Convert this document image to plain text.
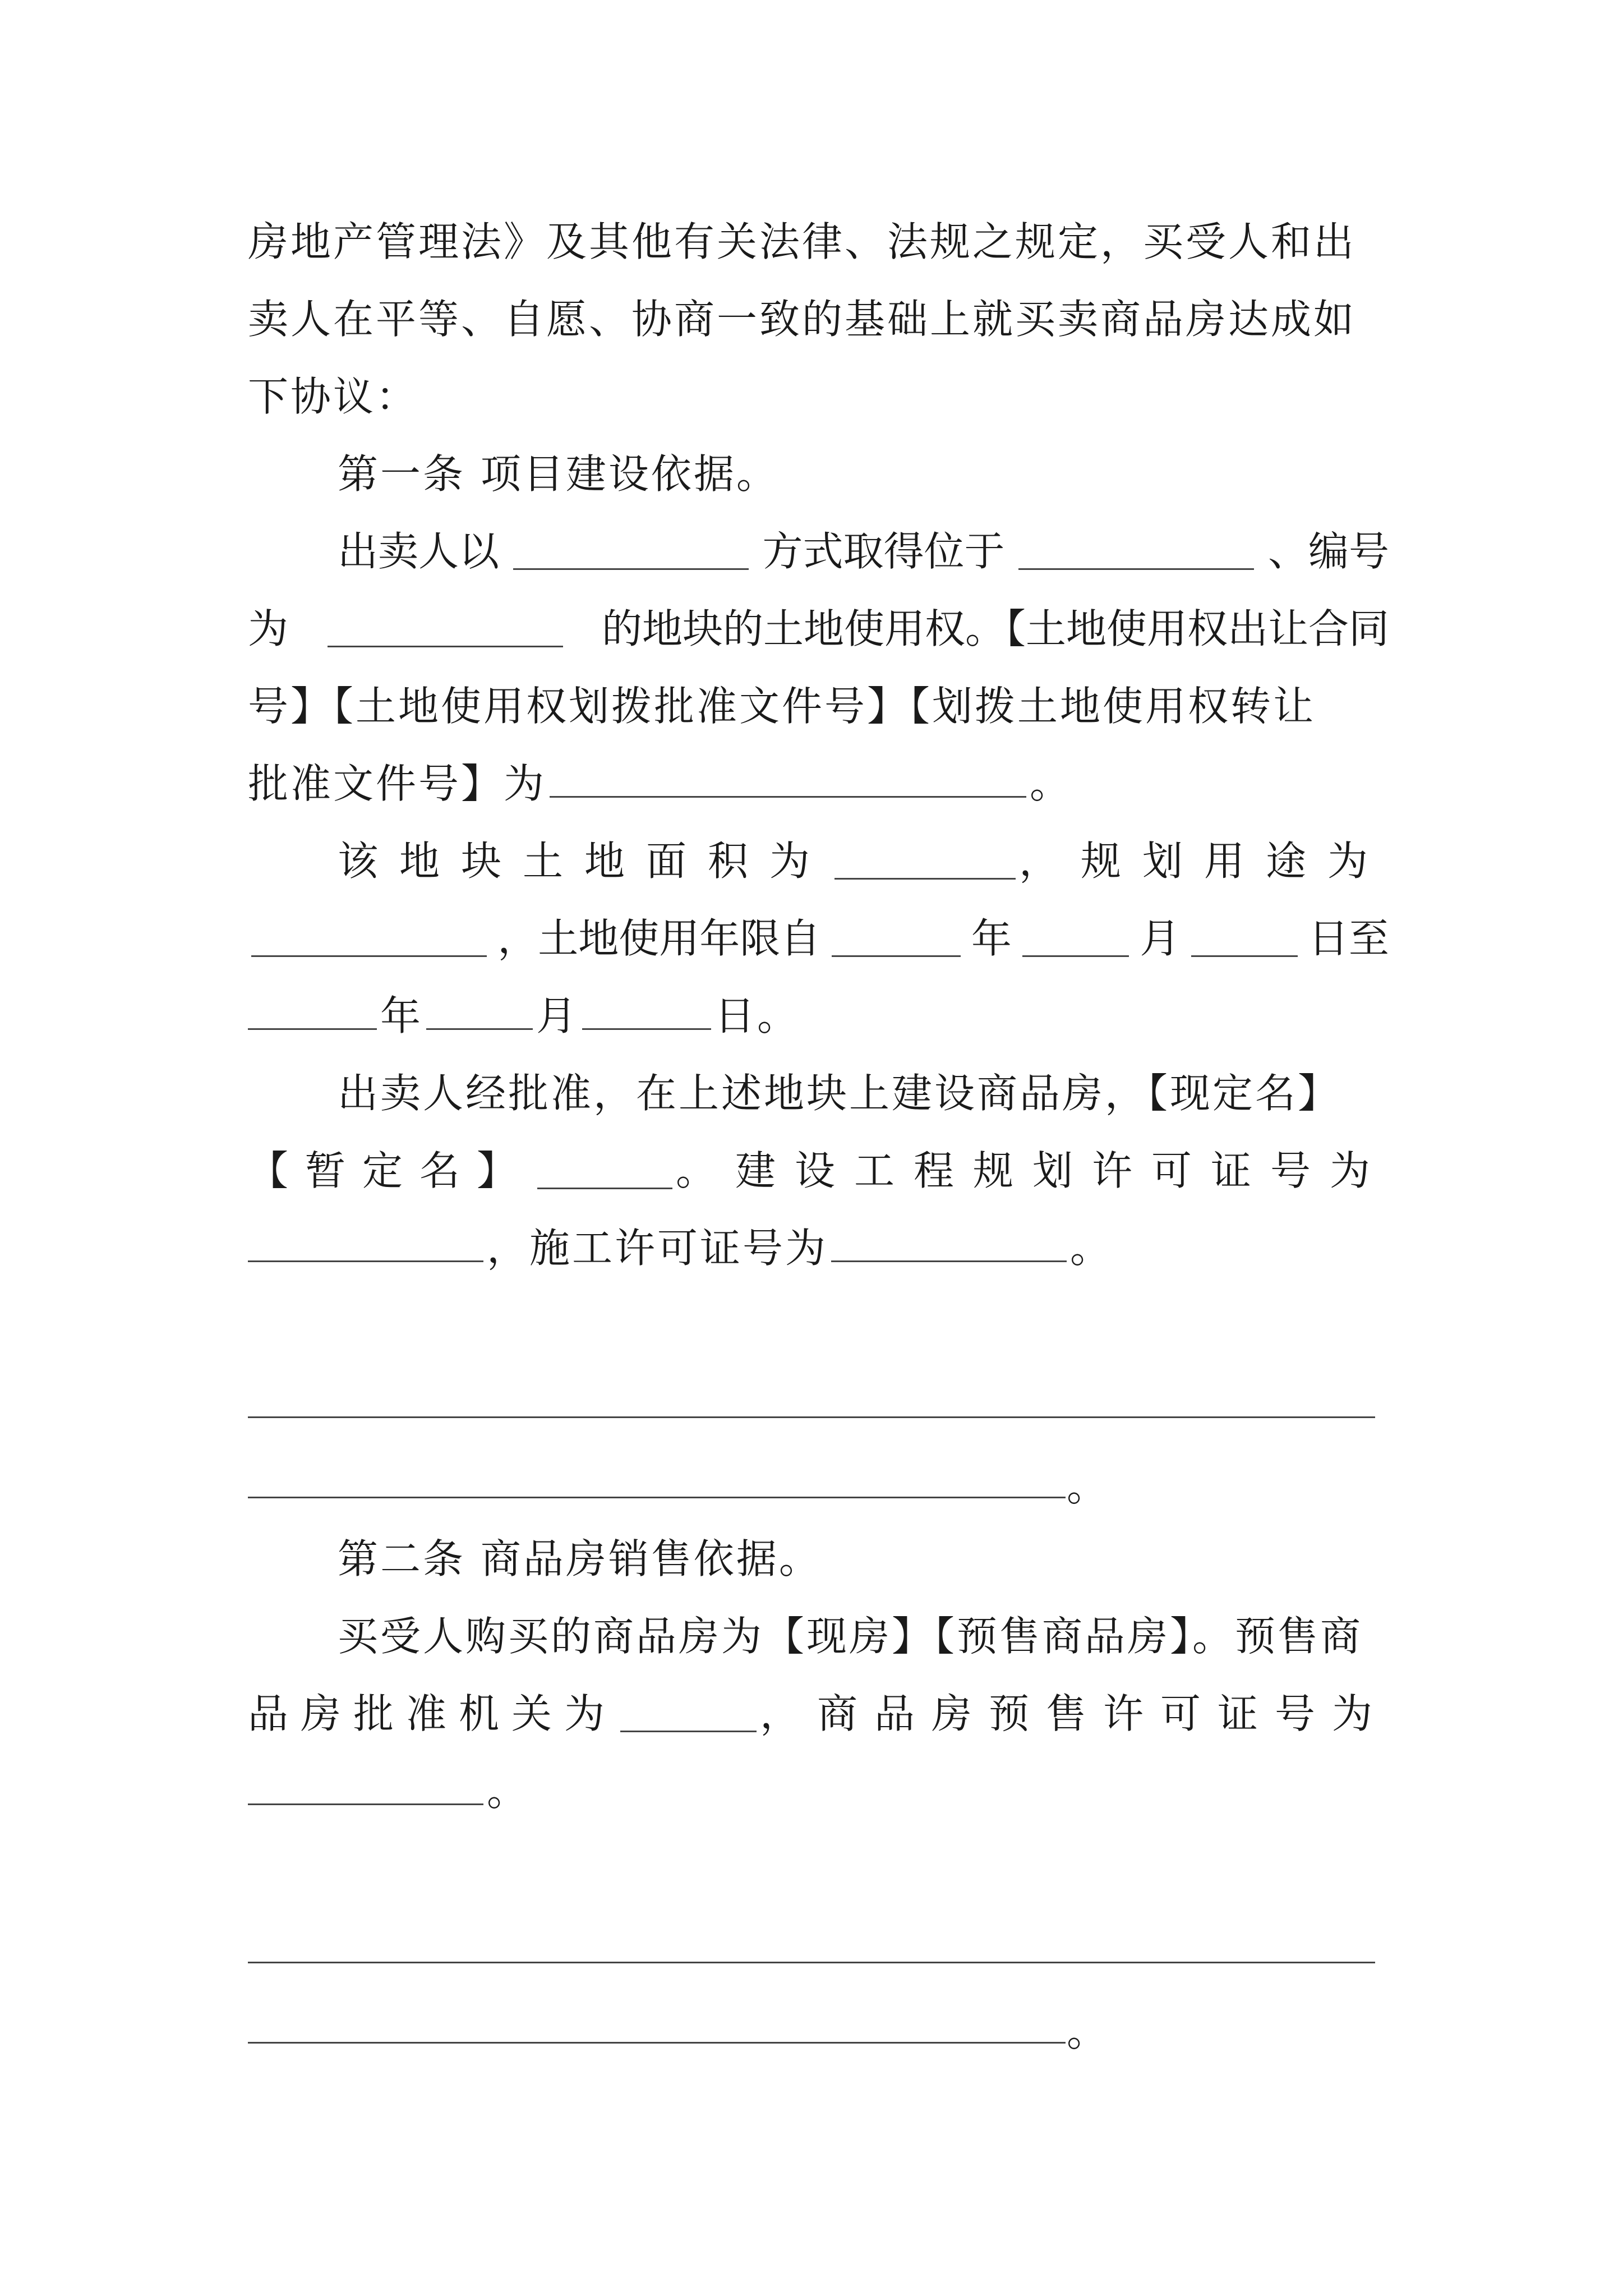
房地产管理法》及其他有关法律、法规之规定，买受人和出
卖人在平等、自愿、协商一致的基础上就买卖商品房达成如
下协议：
第一条 项目建设依据。
出卖人以	方式取得位于	、编号
为	的地块的土地使用权。【土地使用权出让合同
号】【土地使用权划拨批准文件号】【划拨土地使用权转让
批准文件号】为	。
该地块土地面积为	，规划用途为
，土地使用年限自	年	月	日至
年	月	日。
出卖人经批准，在上述地块上建设商品房，【现定名】
【暂定名】	。建设工程规划许可证号为
，施工许可证号为	。
。
第二条 商品房销售依据。
买受人购买的商品房为【现房】【预售商品房】。预售商
品房批准机关为	，商品房预售许可证号为
。
。
